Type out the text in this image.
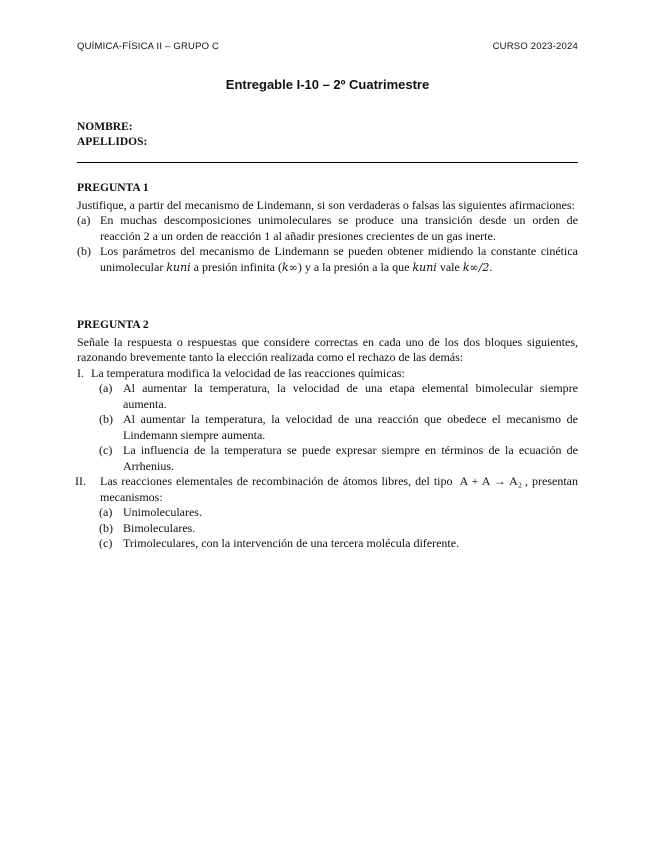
QUÍMICA-FÍSICA II – GRUPO C	CURSO 2023-2024
Entregable I-10 – 2º Cuatrimestre
NOMBRE:
APELLIDOS:
PREGUNTA 1
Justifique, a partir del mecanismo de Lindemann, si son verdaderas o falsas las siguientes afirmaciones:
(a) En muchas descomposiciones unimoleculares se produce una transición desde un orden de reacción 2 a un orden de reacción 1 al añadir presiones crecientes de un gas inerte.
(b) Los parámetros del mecanismo de Lindemann se pueden obtener midiendo la constante cinética unimolecular kuni a presión infinita (k∞) y a la presión a la que kuni vale k∞/2.
PREGUNTA 2
Señale la respuesta o respuestas que considere correctas en cada uno de los dos bloques siguientes, razonando brevemente tanto la elección realizada como el rechazo de las demás:
I. La temperatura modifica la velocidad de las reacciones químicas:
(a) Al aumentar la temperatura, la velocidad de una etapa elemental bimolecular siempre aumenta.
(b) Al aumentar la temperatura, la velocidad de una reacción que obedece el mecanismo de Lindemann siempre aumenta.
(c) La influencia de la temperatura se puede expresar siempre en términos de la ecuación de Arrhenius.
II. Las reacciones elementales de recombinación de átomos libres, del tipo A + A → A₂ , presentan mecanismos:
(a) Unimoleculares.
(b) Bimoleculares.
(c) Trimoleculares, con la intervención de una tercera molécula diferente.
